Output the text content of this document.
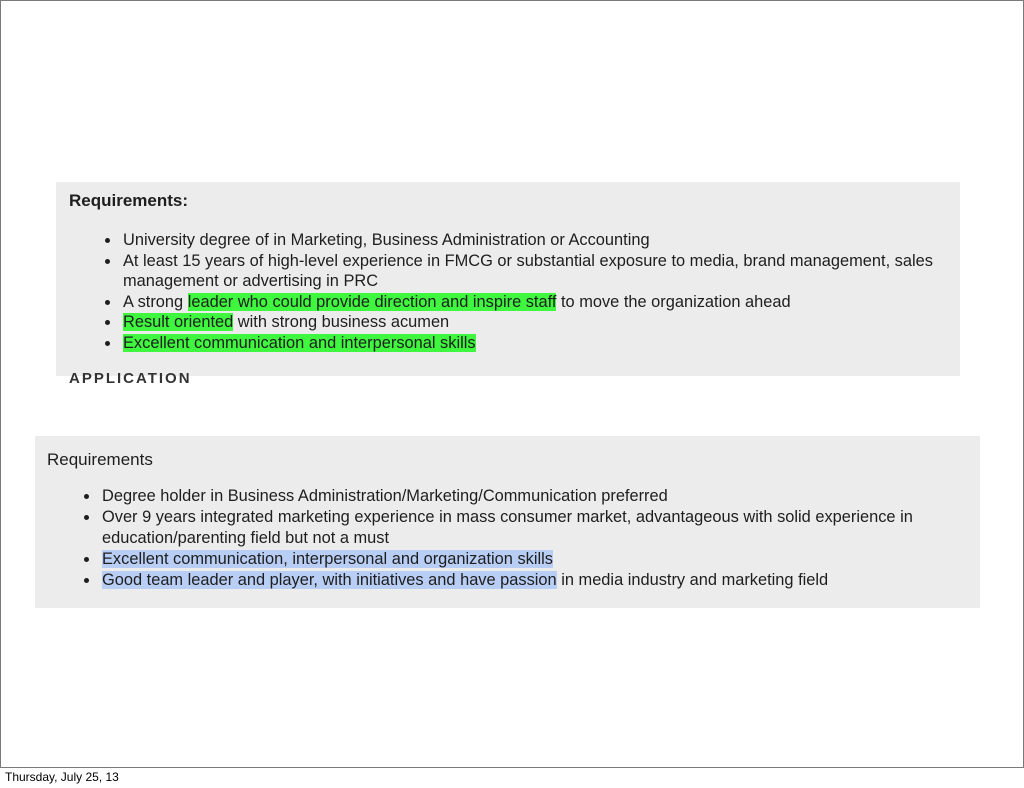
Requirements:
University degree of in Marketing, Business Administration or Accounting
At least 15 years of high-level experience in FMCG or substantial exposure to media, brand management, sales management or advertising in PRC
A strong leader who could provide direction and inspire staff to move the organization ahead
Result oriented with strong business acumen
Excellent communication and interpersonal skills
APPLICATION
Requirements
Degree holder in Business Administration/Marketing/Communication preferred
Over 9 years integrated marketing experience in mass consumer market, advantageous with solid experience in education/parenting field but not a must
Excellent communication, interpersonal and organization skills
Good team leader and player, with initiatives and have passion in media industry and marketing field
Thursday, July 25, 13
